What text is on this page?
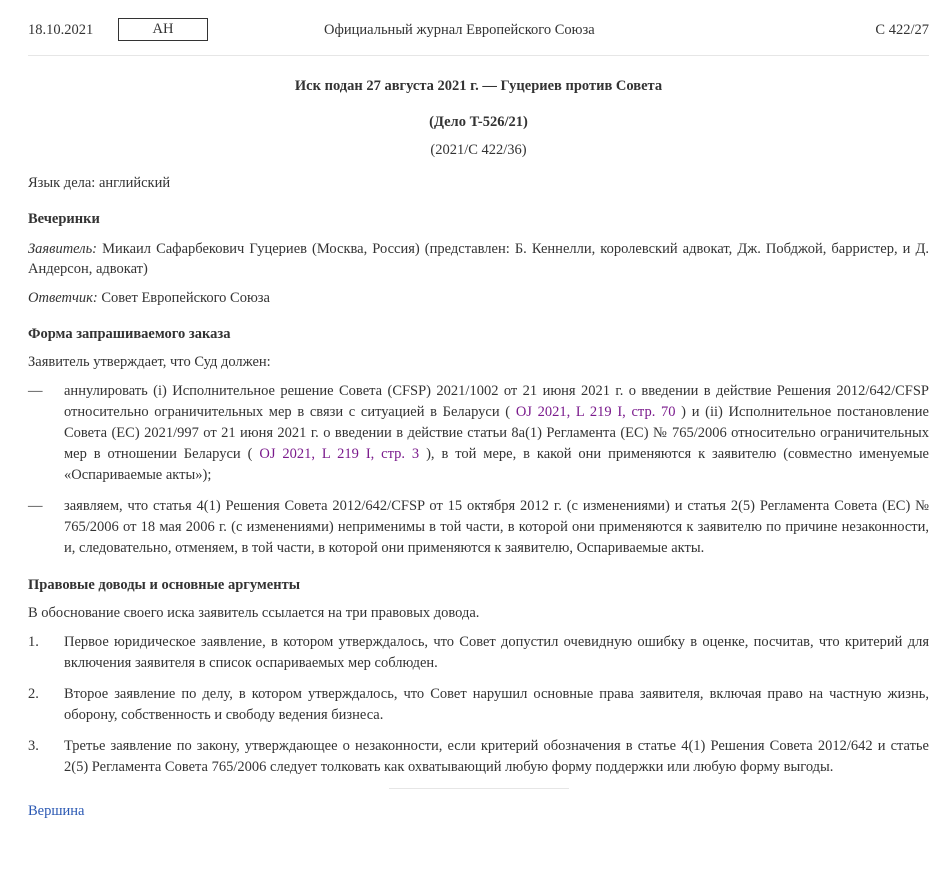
18.10.2021	AH	Официальный журнал Европейского Союза	C 422/27

Иск подан 27 августа 2021 г. — Гуцериев против Совета

(Дело T-526/21)

(2021/C 422/36)

Язык дела: английский

Вечеринки

Заявитель: Микаил Сафарбекович Гуцериев (Москва, Россия) (представлен: Б. Кеннелли, королевский адвокат, Дж. Побджой, барристер, и Д. Андерсон, адвокат)

Ответчик: Совет Европейского Союза

Форма запрашиваемого заказа

Заявитель утверждает, что Суд должен:

— аннулировать (i) Исполнительное решение Совета (CFSP) 2021/1002 от 21 июня 2021 г. о введении в действие Решения 2012/642/CFSP относительно ограничительных мер в связи с ситуацией в Беларуси ( OJ 2021, L 219 I, стр. 70 ) и (ii) Исполнительное постановление Совета (ЕС) 2021/997 от 21 июня 2021 г. о введении в действие статьи 8a(1) Регламента (ЕС) № 765/2006 относительно ограничительных мер в отношении Беларуси ( OJ 2021, L 219 I, стр. 3 ), в той мере, в какой они применяются к заявителю (совместно именуемые «Оспариваемые акты»);
— заявляем, что статья 4(1) Решения Совета 2012/642/CFSP от 15 октября 2012 г. (с изменениями) и статья 2(5) Регламента Совета (ЕС) № 765/2006 от 18 мая 2006 г. (с изменениями) неприменимы в той части, в которой они применяются к заявителю по причине незаконности, и, следовательно, отменяем, в той части, в которой они применяются к заявителю, Оспариваемые акты.

Правовые доводы и основные аргументы

В обоснование своего иска заявитель ссылается на три правовых довода.

1. Первое юридическое заявление, в котором утверждалось, что Совет допустил очевидную ошибку в оценке, посчитав, что критерий для включения заявителя в список оспариваемых мер соблюден.
2. Второе заявление по делу, в котором утверждалось, что Совет нарушил основные права заявителя, включая право на частную жизнь, оборону, собственность и свободу ведения бизнеса.
3. Третье заявление по закону, утверждающее о незаконности, если критерий обозначения в статье 4(1) Решения Совета 2012/642 и статье 2(5) Регламента Совета 765/2006 следует толковать как охватывающий любую форму поддержки или любую форму выгоды.
Вершина
